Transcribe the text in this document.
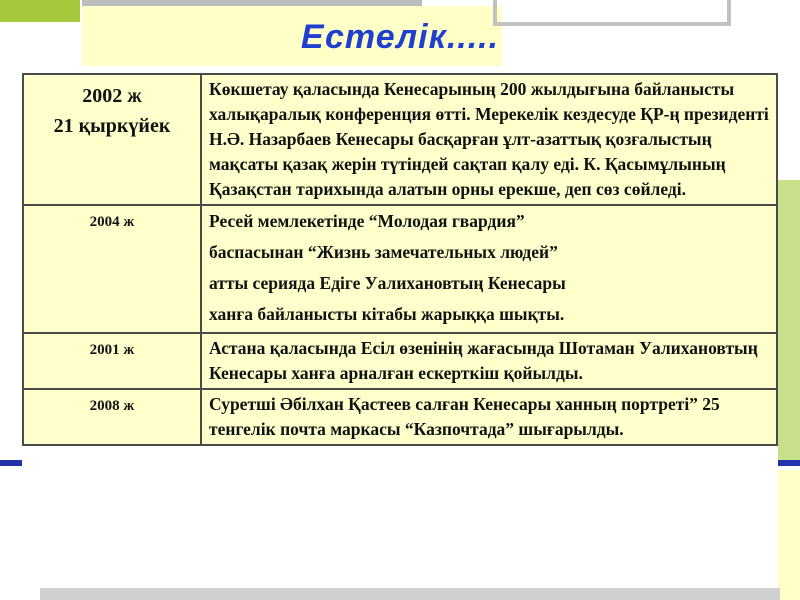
Естелік.....
2002 ж
21 қыркүйек	Көкшетау қаласында Кенесарының 200 жылдығына байланысты халықаралық конференция өтті. Мерекелік кездесуде ҚР-ң президенті Н.Ә. Назарбаев Кенесары басқарған ұлт-азаттық қозғалыстың мақсаты қазақ жерін түтіндей сақтап қалу еді. К. Қасымұлының Қазақстан тарихында алатын орны ерекше, деп сөз сөйледі.
2004 ж	Ресей мемлекетінде “Молодая гвардия”
баспасынан “Жизнь замечательных людей”
атты серияда Едіге Уалихановтың Кенесары
ханға байланысты кітабы жарыққа шықты.

2001 ж	Астана қаласында Есіл өзенінің жағасында Шотаман Уалихановтың Кенесары ханға арналған ескерткіш қойылды.
2008 ж	Суретші Әбілхан Қастеев салған Кенесары ханның портреті” 25 тенгелік почта маркасы “Казпочтада” шығарылды.
